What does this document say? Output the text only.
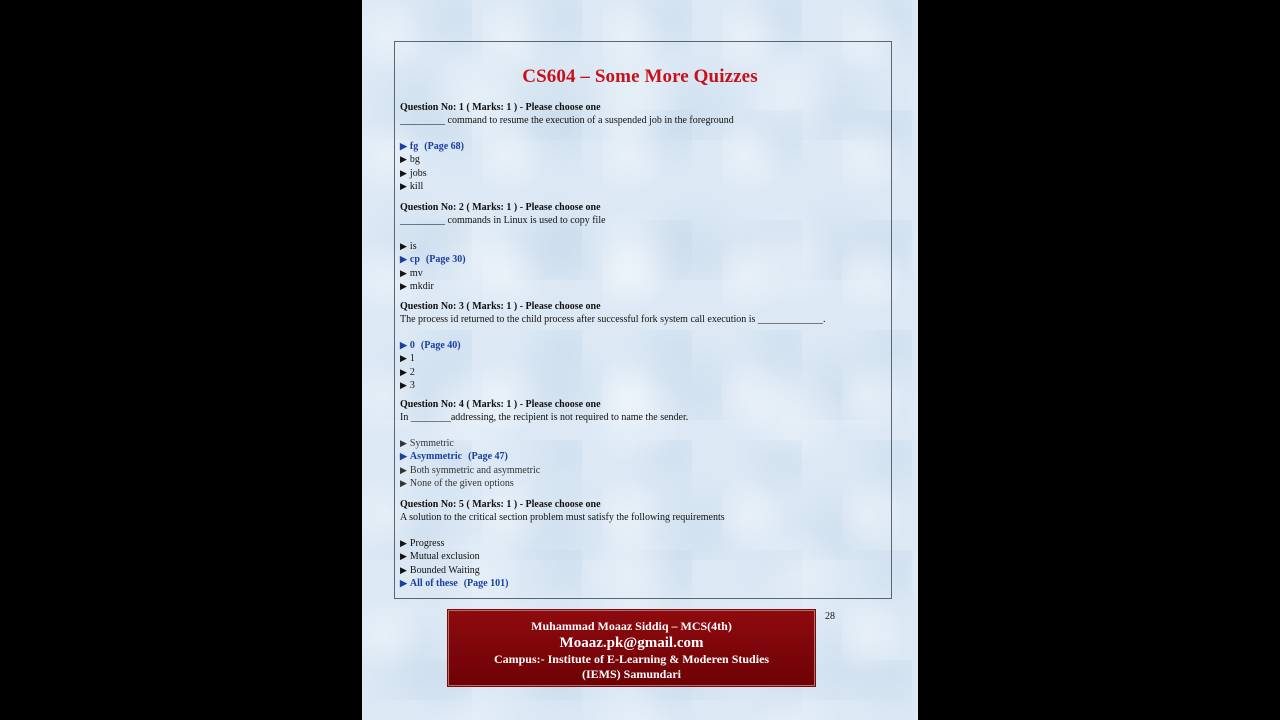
CS604 – Some More Quizzes
Question No: 1 ( Marks: 1 ) - Please choose one
_________ command to resume the execution of a suspended job in the foreground
▶ fg (Page 68)
▶ bg
▶ jobs
▶ kill
Question No: 2 ( Marks: 1 ) - Please choose one
_________ commands in Linux is used to copy file
▶ is
▶ cp (Page 30)
▶ mv
▶ mkdir
Question No: 3 ( Marks: 1 ) - Please choose one
The process id returned to the child process after successful fork system call execution is _____________.
▶ 0 (Page 40)
▶ 1
▶ 2
▶ 3
Question No: 4 ( Marks: 1 ) - Please choose one
In ________addressing, the recipient is not required to name the sender.
▶ Symmetric
▶ Asymmetric (Page 47)
▶ Both symmetric and asymmetric
▶ None of the given options
Question No: 5 ( Marks: 1 ) - Please choose one
A solution to the critical section problem must satisfy the following requirements
▶ Progress
▶ Mutual exclusion
▶ Bounded Waiting
▶ All of these (Page 101)
Muhammad Moaaz Siddiq – MCS(4th)
Moaaz.pk@gmail.com
Campus:- Institute of E-Learning & Moderen Studies
(IEMS) Samundari
28
